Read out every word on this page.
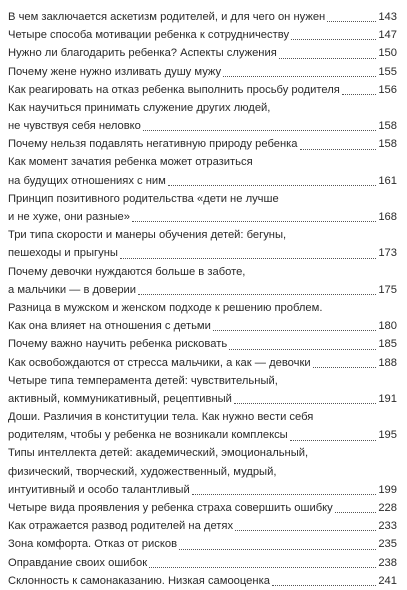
В чем заключается аскетизм родителей, и для чего он нужен	143
Четыре способа мотивации ребенка к сотрудничеству	147
Нужно ли благодарить ребенка? Аспекты служения	150
Почему жене нужно изливать душу мужу	155
Как реагировать на отказ ребенка выполнить просьбу родителя	156
Как научиться принимать служение других людей,
не чувствуя себя неловко	158
Почему нельзя подавлять негативную природу ребенка	158
Как момент зачатия ребенка может отразиться
на будущих отношениях с ним	161
Принцип позитивного родительства «дети не лучше
и не хуже, они разные»	168
Три типа скорости и манеры обучения детей: бегуны,
пешеходы и прыгуны	173
Почему девочки нуждаются больше в заботе,
а мальчики — в доверии	175
Разница в мужском и женском подходе к решению проблем.
Как она влияет на отношения с детьми	180
Почему важно научить ребенка рисковать	185
Как освобождаются от стресса мальчики, а как — девочки	188
Четыре типа темперамента детей: чувствительный,
активный, коммуникативный, рецептивный	191
Доши. Различия в конституции тела. Как нужно вести себя
родителям, чтобы у ребенка не возникали комплексы	195
Типы интеллекта детей: академический, эмоциональный,
физический, творческий, художественный, мудрый,
интуитивный и особо талантливый	199
Четыре вида проявления у ребенка страха совершить ошибку	228
Как отражается развод родителей на детях	233
Зона комфорта. Отказ от рисков	235
Оправдание своих ошибок	238
Склонность к самонаказанию. Низкая самооценка	241
